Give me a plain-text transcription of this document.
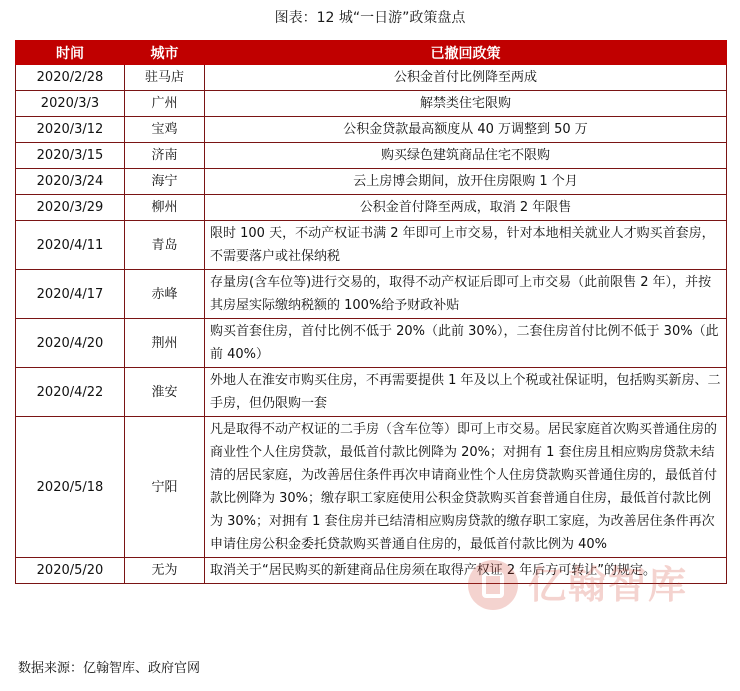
图表：12 城“一日游”政策盘点
时间	城市	已撤回政策
2020/2/28	驻马店	公积金首付比例降至两成
2020/3/3	广州	解禁类住宅限购
2020/3/12	宝鸡	公积金贷款最高额度从 40 万调整到 50 万
2020/3/15	济南	购买绿色建筑商品住宅不限购
2020/3/24	海宁	云上房博会期间，放开住房限购 1 个月
2020/3/29	柳州	公积金首付降至两成，取消 2 年限售
2020/4/11	青岛	限时 100 天，不动产权证书满 2 年即可上市交易，针对本地相关就业人才购买首套房，不需要落户或社保纳税
2020/4/17	赤峰	存量房(含车位等)进行交易的，取得不动产权证后即可上市交易（此前限售 2 年），并按其房屋实际缴纳税额的 100%给予财政补贴
2020/4/20	荆州	购买首套住房，首付比例不低于 20%（此前 30%），二套住房首付比例不低于 30%（此前 40%）
2020/4/22	淮安	外地人在淮安市购买住房，不再需要提供 1 年及以上个税或社保证明，包括购买新房、二手房，但仍限购一套
2020/5/18	宁阳	凡是取得不动产权证的二手房（含车位等）即可上市交易。居民家庭首次购买普通住房的商业性个人住房贷款，最低首付款比例降为 20%；对拥有 1 套住房且相应购房贷款未结清的居民家庭，为改善居住条件再次申请商业性个人住房贷款购买普通住房的，最低首付款比例降为 30%；缴存职工家庭使用公积金贷款购买首套普通自住房，最低首付款比例为 30%；对拥有 1 套住房并已结清相应购房贷款的缴存职工家庭，为改善居住条件再次申请住房公积金委托贷款购买普通自住房的，最低首付款比例为 40%
2020/5/20	无为	取消关于“居民购买的新建商品住房须在取得产权证 2 年后方可转让”的规定。
亿翰智库
数据来源：亿翰智库、政府官网
